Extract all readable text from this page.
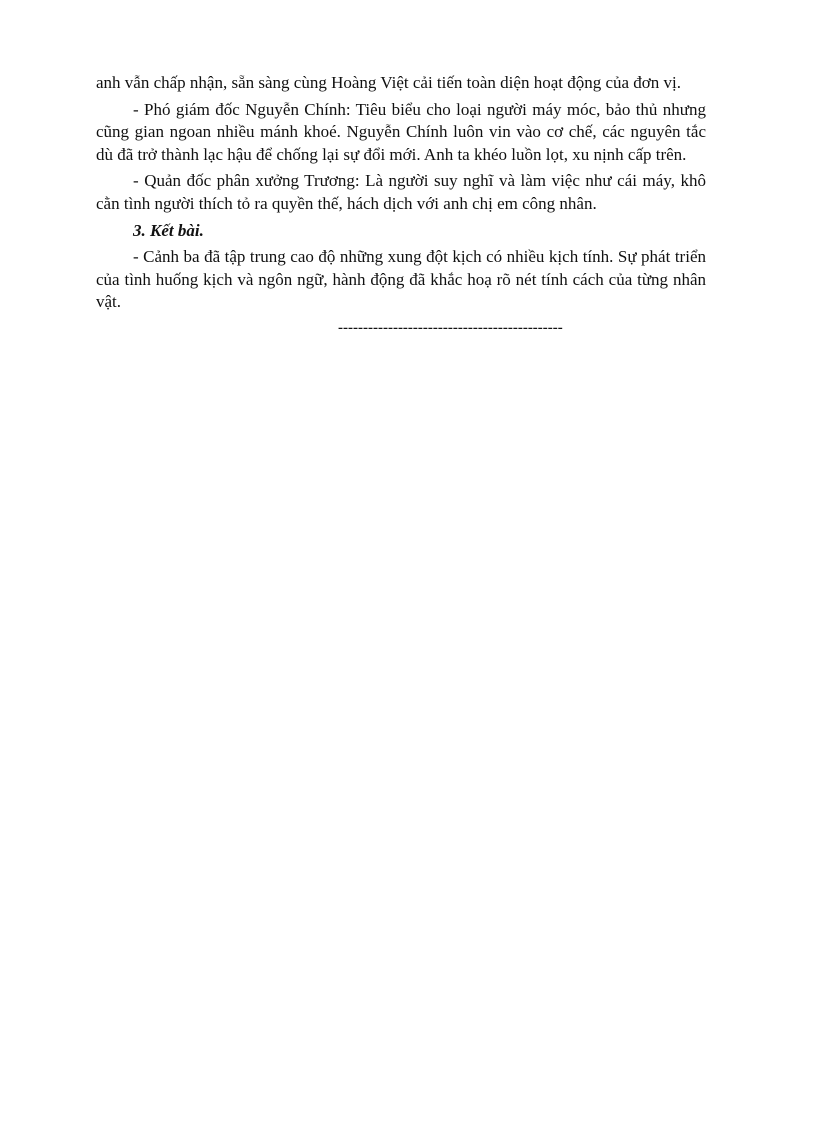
anh vẫn chấp nhận, sẵn sàng cùng Hoàng Việt cải tiến toàn diện hoạt động của đơn vị.

- Phó giám đốc Nguyễn Chính: Tiêu biểu cho loại người máy móc, bảo thủ nhưng cũng gian ngoan nhiều mánh khoé. Nguyễn Chính luôn vin vào cơ chế, các nguyên tắc dù đã trở thành lạc hậu để chống lại sự đổi mới. Anh ta khéo luồn lọt, xu nịnh cấp trên.

- Quản đốc phân xưởng Trương: Là người suy nghĩ và làm việc như cái máy, khô cằn tình người thích tỏ ra quyền thế, hách dịch với anh chị em công nhân.

3. Kết bài.

- Cảnh ba đã tập trung cao độ những xung đột kịch có nhiều kịch tính. Sự phát triển của tình huống kịch và ngôn ngữ, hành động đã khắc hoạ rõ nét tính cách của từng nhân vật.

---------------------------------------------
